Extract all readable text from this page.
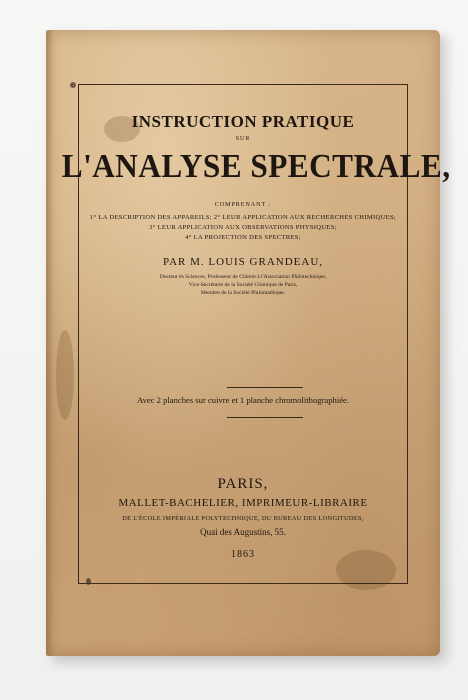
INSTRUCTION PRATIQUE
SUR
L'ANALYSE SPECTRALE,
COMPRENANT :
1° LA DESCRIPTION DES APPAREILS; 2° LEUR APPLICATION AUX RECHERCHES CHIMIQUES;
3° LEUR APPLICATION AUX OBSERVATIONS PHYSIQUES;
4° LA PROJECTION DES SPECTRES;
PAR M. LOUIS GRANDEAU,
Docteur ès Sciences, Professeur de Chimie à l'Association Philotechnique,
Vice-Secrétaire de la Société Chimique de Paris,
Membre de la Société Philomathique.
Avec 2 planches sur cuivre et 1 planche chromolithographiée.
PARIS,
MALLET-BACHELIER, IMPRIMEUR-LIBRAIRE
DE L'ÉCOLE IMPÉRIALE POLYTECHNIQUE, DU BUREAU DES LONGITUDES,
Quai des Augustins, 55.
1863
